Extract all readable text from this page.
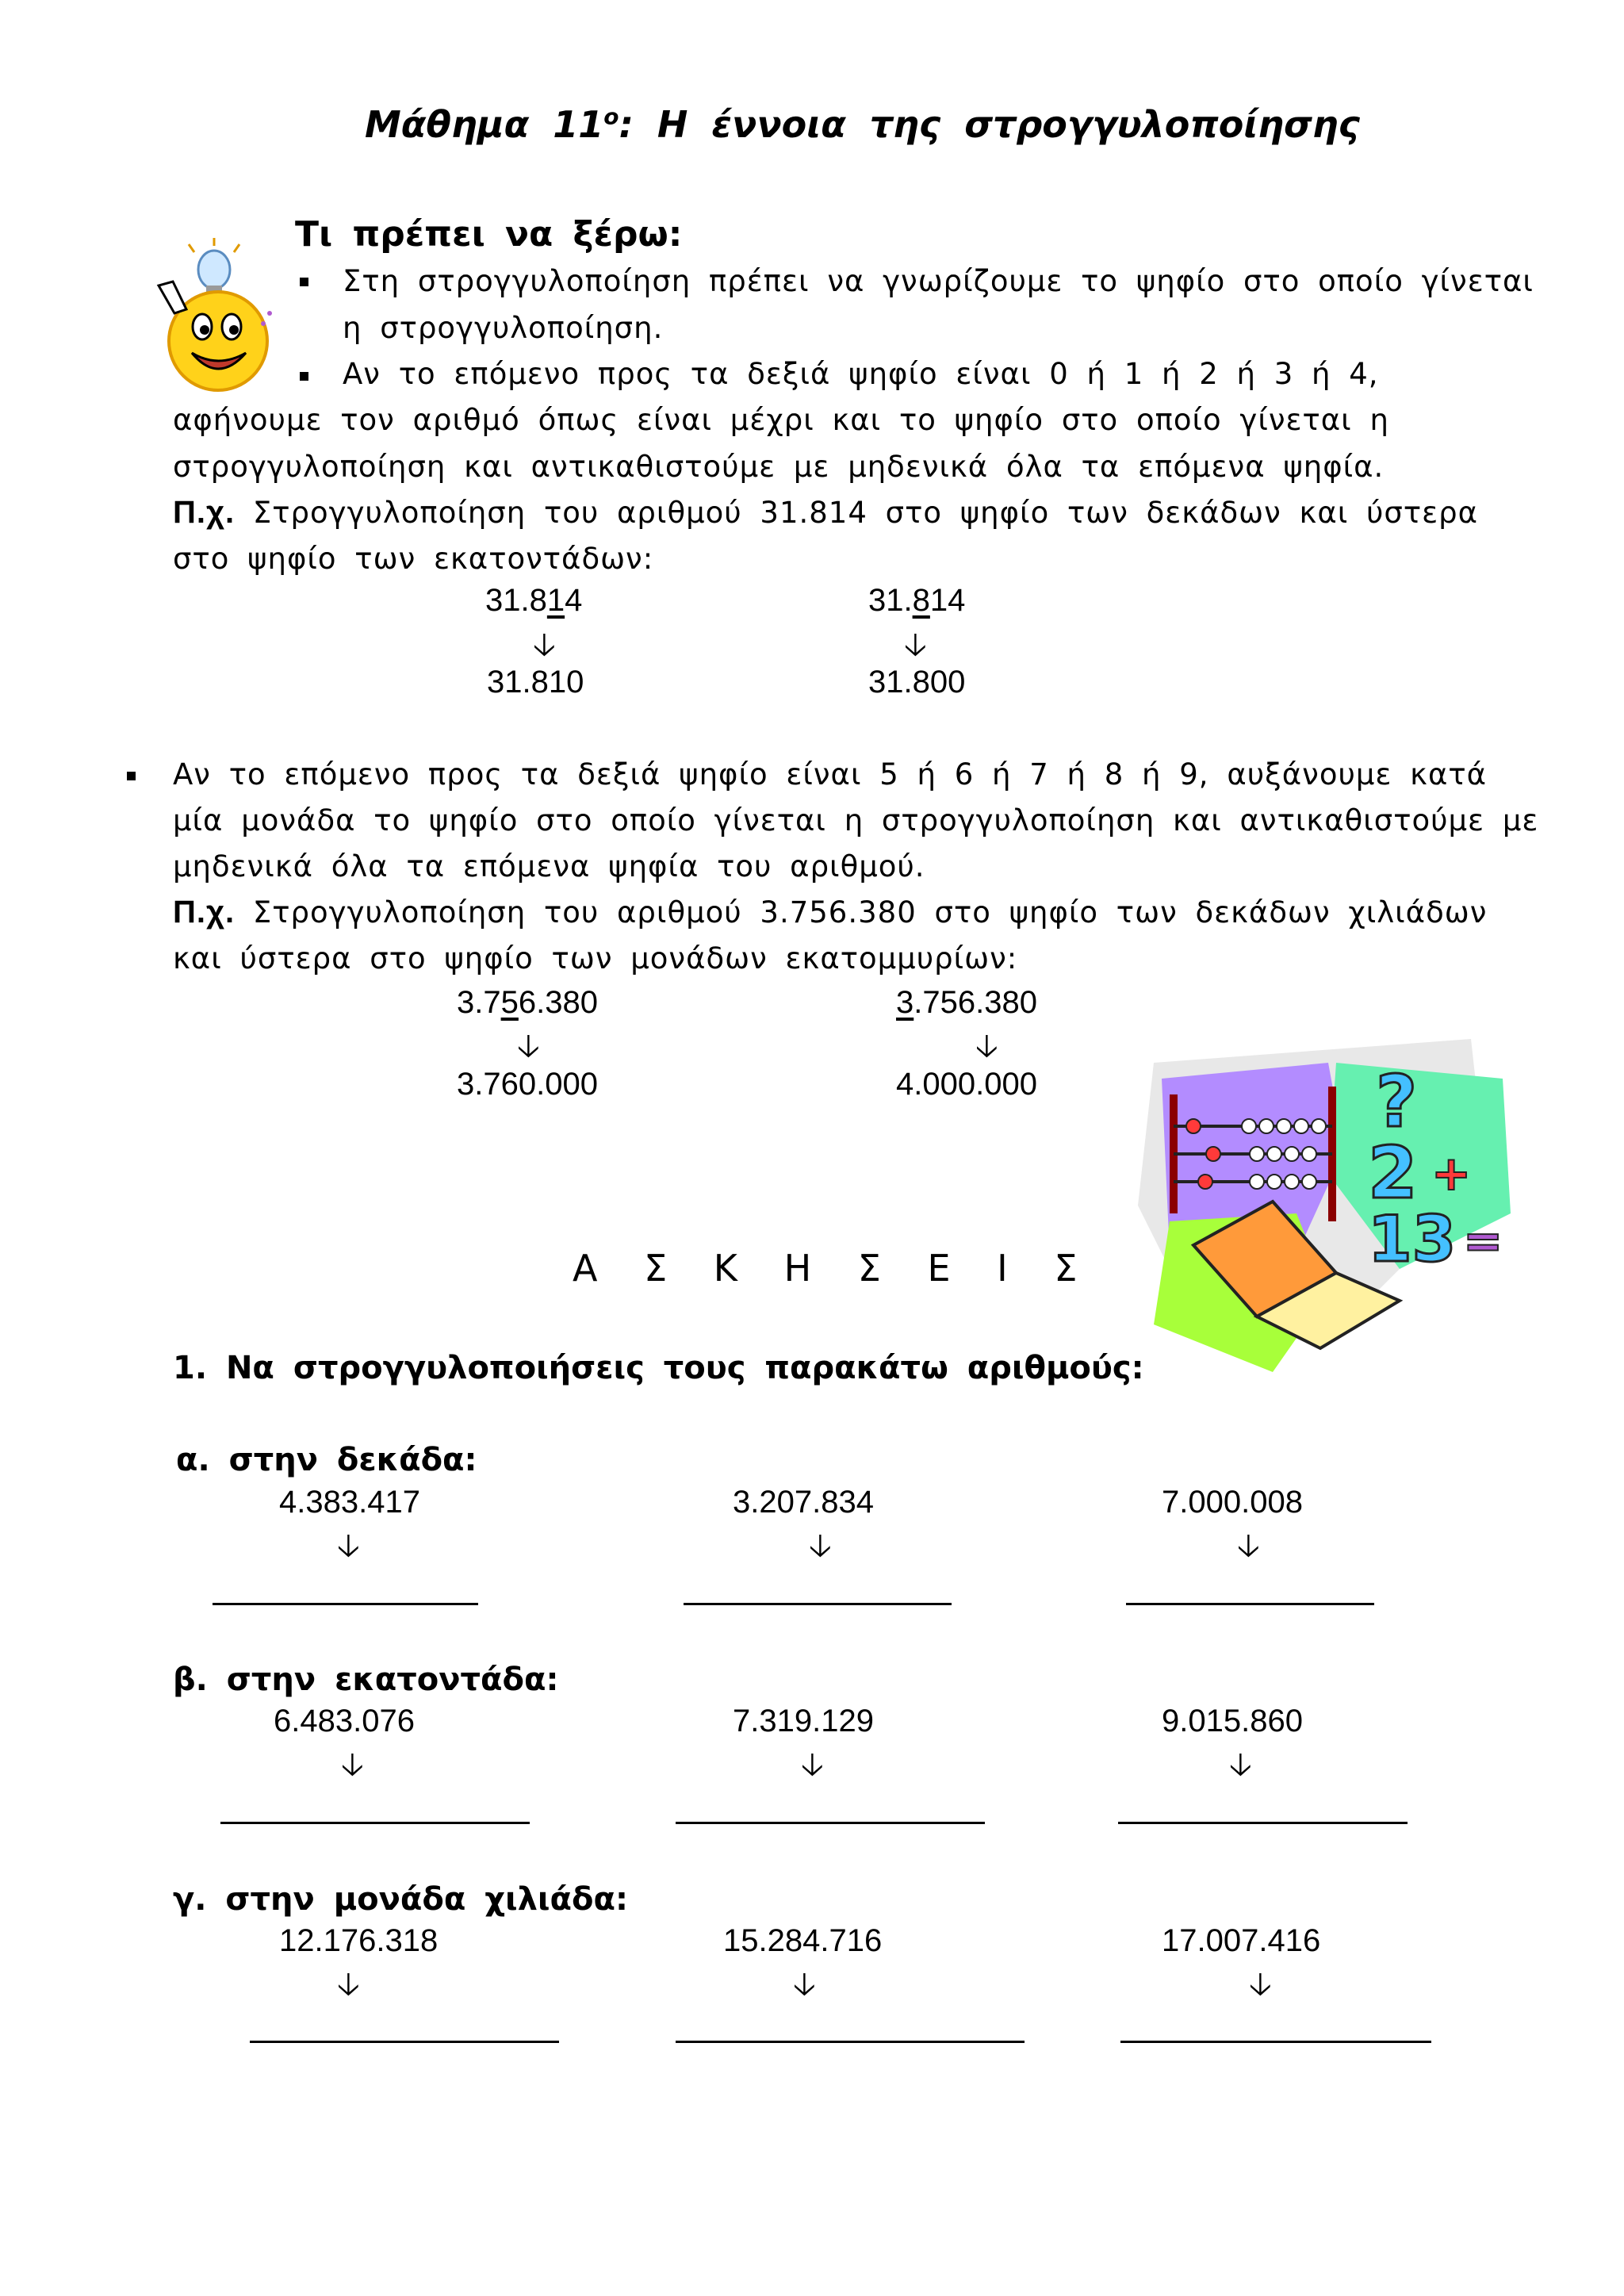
Μάθημα $11^o$: Η έννοια της στρογγυλοποίησης
Τι πρέπει να ξέρω:
Στη στρογγυλοποίηση πρέπει να γνωρίζουμε το ψηφίο στο οποίο γίνεται
η στρογγυλοποίηση.
Αν το επόμενο προς τα δεξιά ψηφίο είναι 0 ή 1 ή 2 ή 3 ή 4,
αφήνουμε τον αριθμό όπως είναι μέχρι και το ψηφίο στο οποίο γίνεται η
στρογγυλοποίηση και αντικαθιστούμε με μηδενικά όλα τα επόμενα ψηφία.
Π.χ. Στρογγυλοποίηση του αριθμού 31.814 στο ψηφίο των δεκάδων και ύστερα
στο ψηφίο των εκατοντάδων:
31.814
🡣
31.810
31.814
🡣
31.800
Αν το επόμενο προς τα δεξιά ψηφίο είναι 5 ή 6 ή 7 ή 8 ή 9, αυξάνουμε κατά
μία μονάδα το ψηφίο στο οποίο γίνεται η στρογγυλοποίηση και αντικαθιστούμε με
μηδενικά όλα τα επόμενα ψηφία του αριθμού.
Π.χ. Στρογγυλοποίηση του αριθμού 3.756.380 στο ψηφίο των δεκάδων χιλιάδων
και ύστερα στο ψηφίο των μονάδων εκατομμυρίων:
3.756.380
🡣
3.760.000
3.756.380
🡣
4.000.000	?
2 +
13 =
Α Σ Κ Η Σ Ε Ι Σ
1. Να στρογγυλοποιήσεις τους παρακάτω αριθμούς:
α. στην δεκάδα:
4.383.417	3.207.834	7.000.008
🡣	🡣	🡣
β. στην εκατοντάδα:
6.483.076	7.319.129	9.015.860
🡣	🡣	🡣
γ. στην μονάδα χιλιάδα:
12.176.318	15.284.716	17.007.416
🡣	🡣	🡣
